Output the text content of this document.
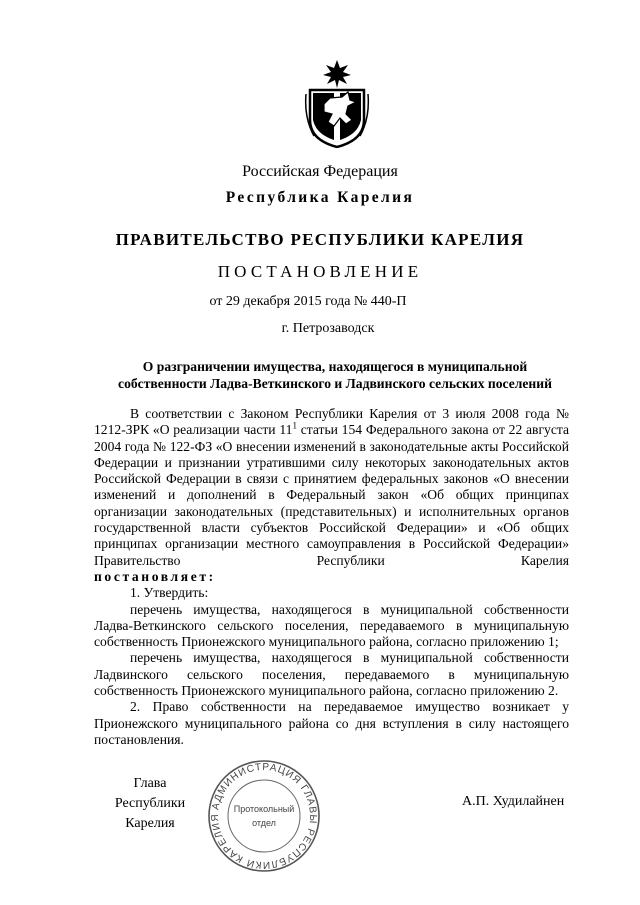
Российская Федерация
Республика Карелия
ПРАВИТЕЛЬСТВО РЕСПУБЛИКИ КАРЕЛИЯ
ПОСТАНОВЛЕНИЕ
от 29 декабря 2015 года № 440-П
г. Петрозаводск
О разграничении имущества, находящегося в муниципальной
собственности Ладва-Веткинского и Ладвинского сельских поселений

В соответствии с Законом Республики Карелия от 3 июля 2008 года № 1212-ЗРК «О реализации части $11^1$ статьи 154 Федерального закона от 22 августа 2004 года № 122-ФЗ «О внесении изменений в законодательные акты Российской Федерации и признании утратившими силу некоторых законодательных актов Российской Федерации в связи с принятием федеральных законов «О внесении изменений и дополнений в Федеральный закон «Об общих принципах организации законодательных (представительных) и исполнительных органов государственной власти субъектов Российской Федерации» и «Об общих принципах организации местного самоуправления в Российской Федерации» Правительство Республики Карелия

постановляет:

1. Утвердить:

перечень имущества, находящегося в муниципальной собственности Ладва-Веткинского сельского поселения, передаваемого в муниципальную собственность Прионежского муниципального района, согласно приложению 1;

перечень имущества, находящегося в муниципальной собственности Ладвинского сельского поселения, передаваемого в муниципальную собственность Прионежского муниципального района, согласно приложению 2.

2. Право собственности на передаваемое имущество возникает у Прионежского муниципального района со дня вступления в силу настоящего постановления.

Глава
Республики Карелия
А.П. Худилайнен
АДМИНИСТРАЦИЯ ГЛАВЫ РЕСПУБЛИКИ КАРЕЛИЯ
Протокольный
отдел
